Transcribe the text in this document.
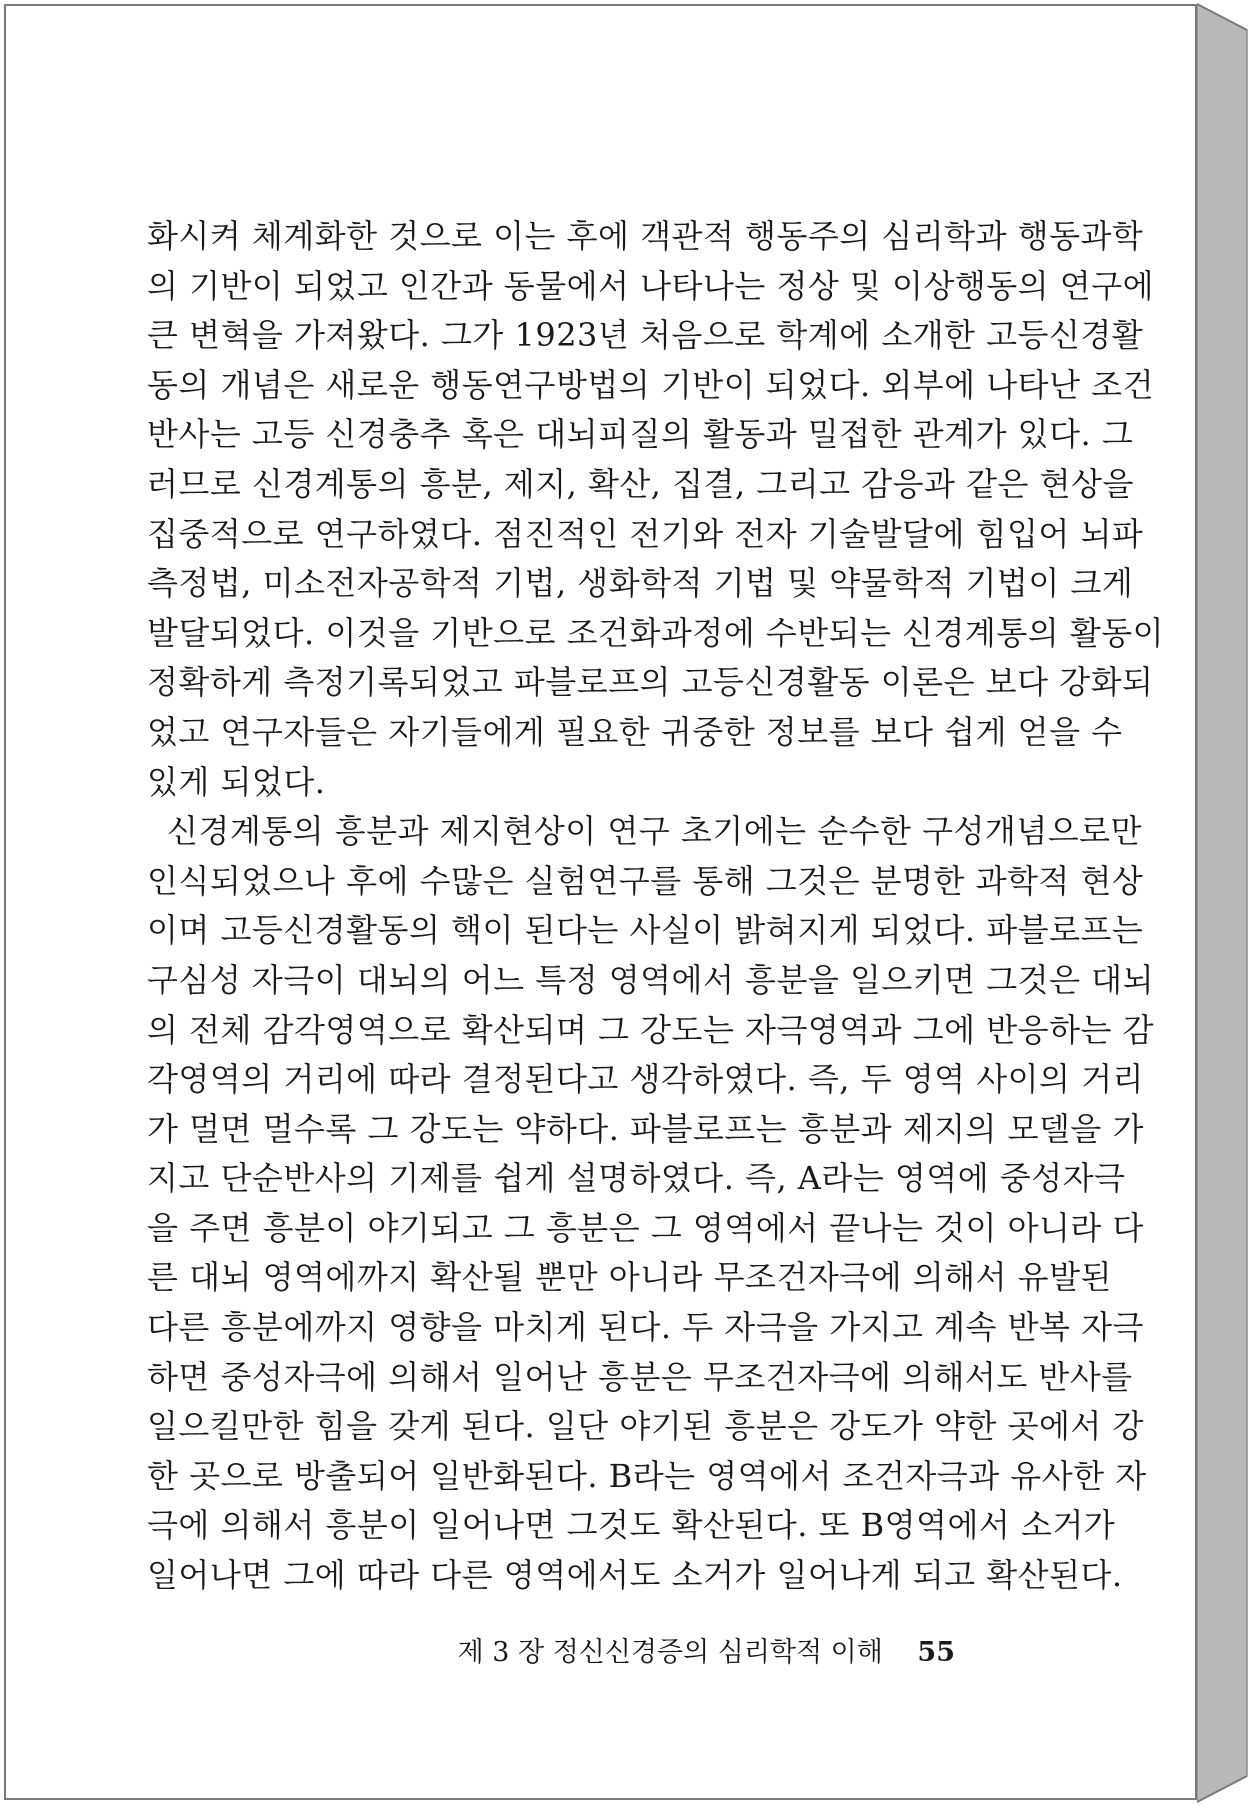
화시켜 체계화한 것으로 이는 후에 객관적 행동주의 심리학과 행동과학
의 기반이 되었고 인간과 동물에서 나타나는 정상 및 이상행동의 연구에
큰 변혁을 가져왔다. 그가 1923년 처음으로 학계에 소개한 고등신경활
동의 개념은 새로운 행동연구방법의 기반이 되었다. 외부에 나타난 조건
반사는 고등 신경충추 혹은 대뇌피질의 활동과 밀접한 관계가 있다. 그
러므로 신경계통의 흥분, 제지, 확산, 집결, 그리고 감응과 같은 현상을
집중적으로 연구하였다. 점진적인 전기와 전자 기술발달에 힘입어 뇌파
측정법, 미소전자공학적 기법, 생화학적 기법 및 약물학적 기법이 크게
발달되었다. 이것을 기반으로 조건화과정에 수반되는 신경계통의 활동이
정확하게 측정기록되었고 파블로프의 고등신경활동 이론은 보다 강화되
었고 연구자들은 자기들에게 필요한 귀중한 정보를 보다 쉽게 얻을 수
있게 되었다.
신경계통의 흥분과 제지현상이 연구 초기에는 순수한 구성개념으로만
인식되었으나 후에 수많은 실험연구를 통해 그것은 분명한 과학적 현상
이며 고등신경활동의 핵이 된다는 사실이 밝혀지게 되었다. 파블로프는
구심성 자극이 대뇌의 어느 특정 영역에서 흥분을 일으키면 그것은 대뇌
의 전체 감각영역으로 확산되며 그 강도는 자극영역과 그에 반응하는 감
각영역의 거리에 따라 결정된다고 생각하였다. 즉, 두 영역 사이의 거리
가 멀면 멀수록 그 강도는 약하다. 파블로프는 흥분과 제지의 모델을 가
지고 단순반사의 기제를 쉽게 설명하였다. 즉, A라는 영역에 중성자극
을 주면 흥분이 야기되고 그 흥분은 그 영역에서 끝나는 것이 아니라 다
른 대뇌 영역에까지 확산될 뿐만 아니라 무조건자극에 의해서 유발된
다른 흥분에까지 영향을 마치게 된다. 두 자극을 가지고 계속 반복 자극
하면 중성자극에 의해서 일어난 흥분은 무조건자극에 의해서도 반사를
일으킬만한 힘을 갖게 된다. 일단 야기된 흥분은 강도가 약한 곳에서 강
한 곳으로 방출되어 일반화된다. B라는 영역에서 조건자극과 유사한 자
극에 의해서 흥분이 일어나면 그것도 확산된다. 또 B영역에서 소거가
일어나면 그에 따라 다른 영역에서도 소거가 일어나게 되고 확산된다.
제 3 장 정신신경증의 심리학적 이해 55
